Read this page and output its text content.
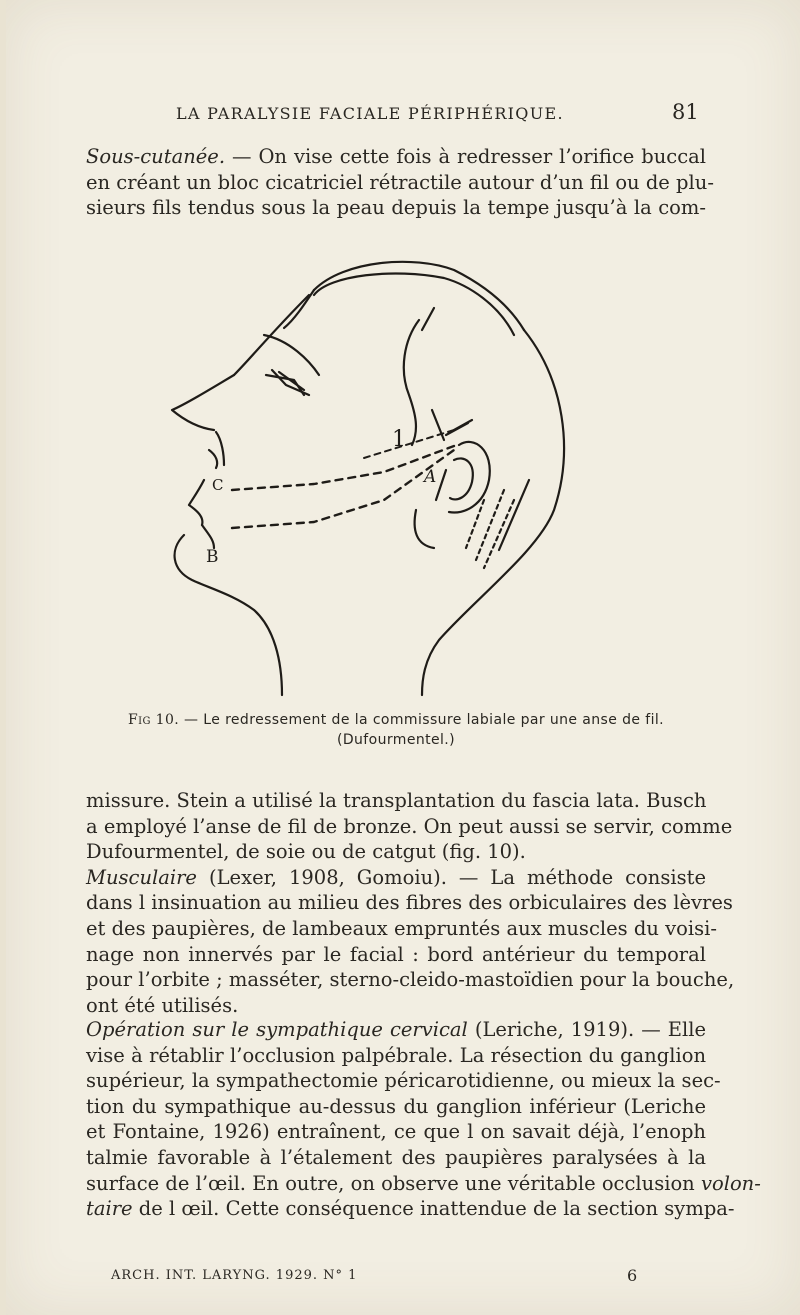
LA PARALYSIE FACIALE PÉRIPHÉRIQUE.	81

Sous-cutanée. — On vise cette fois à redresser l’orifice buccal
en créant un bloc cicatriciel rétractile autour d’un fil ou de plu-
sieurs fils tendus sous la peau depuis la tempe jusqu’à la com-

1
A
C
B
Fig 10. — Le redressement de la commissure labiale par une anse de fil.
(Dufourmentel.)

missure. Stein a utilisé la transplantation du fascia lata. Busch
a employé l’anse de fil de bronze. On peut aussi se servir, comme
Dufourmentel, de soie ou de catgut (fig. 10).
Musculaire (Lexer, 1908, Gomoiu). — La méthode consiste
dans l insinuation au milieu des fibres des orbiculaires des lèvres
et des paupières, de lambeaux empruntés aux muscles du voisi-
nage non innervés par le facial : bord antérieur du temporal
pour l’orbite ; masséter, sterno-cleido-mastoïdien pour la bouche,
ont été utilisés.

Opération sur le sympathique cervical (Leriche, 1919). — Elle
vise à rétablir l’occlusion palpébrale. La résection du ganglion
supérieur, la sympathectomie péricarotidienne, ou mieux la sec-
tion du sympathique au-dessus du ganglion inférieur (Leriche
et Fontaine, 1926) entraînent, ce que l on savait déjà, l’enoph
talmie favorable à l’étalement des paupières paralysées à la
surface de l’œil. En outre, on observe une véritable occlusion volon-
taire de l œil. Cette conséquence inattendue de la section sympa-

ARCH. INT. LARYNG. 1929. N° 1	6
